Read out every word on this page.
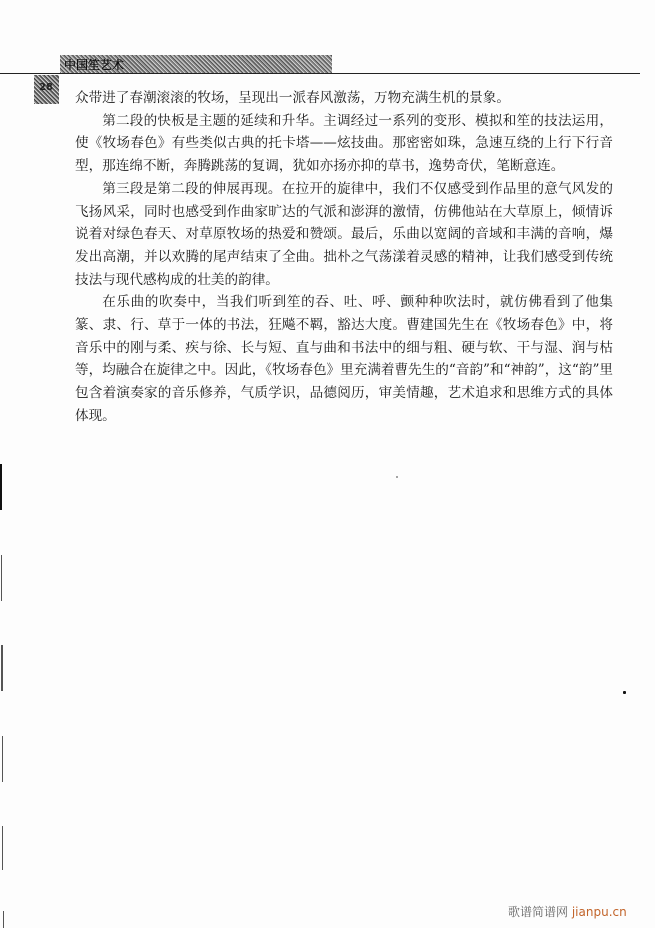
中国笙艺术
28

众带进了春潮滚滚的牧场，呈现出一派春风激荡，万物充满生机的景象。

第二段的快板是主题的延续和升华。主调经过一系列的变形、模拟和笙的技法运用，使《牧场春色》有些类似古典的托卡塔——炫技曲。那密密如珠，急速互绕的上行下行音型，那连绵不断，奔腾跳荡的复调，犹如亦扬亦抑的草书，逸势奇伏，笔断意连。

第三段是第二段的伸展再现。在拉开的旋律中，我们不仅感受到作品里的意气风发的飞扬风采，同时也感受到作曲家旷达的气派和澎湃的激情，仿佛他站在大草原上，倾情诉说着对绿色春天、对草原牧场的热爱和赞颂。最后，乐曲以宽阔的音域和丰满的音响，爆发出高潮，并以欢腾的尾声结束了全曲。拙朴之气荡漾着灵感的精神，让我们感受到传统技法与现代感构成的壮美的韵律。

在乐曲的吹奏中，当我们听到笙的吞、吐、呼、颤种种吹法时，就仿佛看到了他集篆、隶、行、草于一体的书法，狂飚不羁，豁达大度。曹建国先生在《牧场春色》中，将音乐中的刚与柔、疾与徐、长与短、直与曲和书法中的细与粗、硬与软、干与湿、润与枯等，均融合在旋律之中。因此，《牧场春色》里充满着曹先生的“音韵”和“神韵”，这“韵”里包含着演奏家的音乐修养，气质学识，品德阅历，审美情趣，艺术追求和思维方式的具体体现。

歌谱简谱网 jianpu.cn
